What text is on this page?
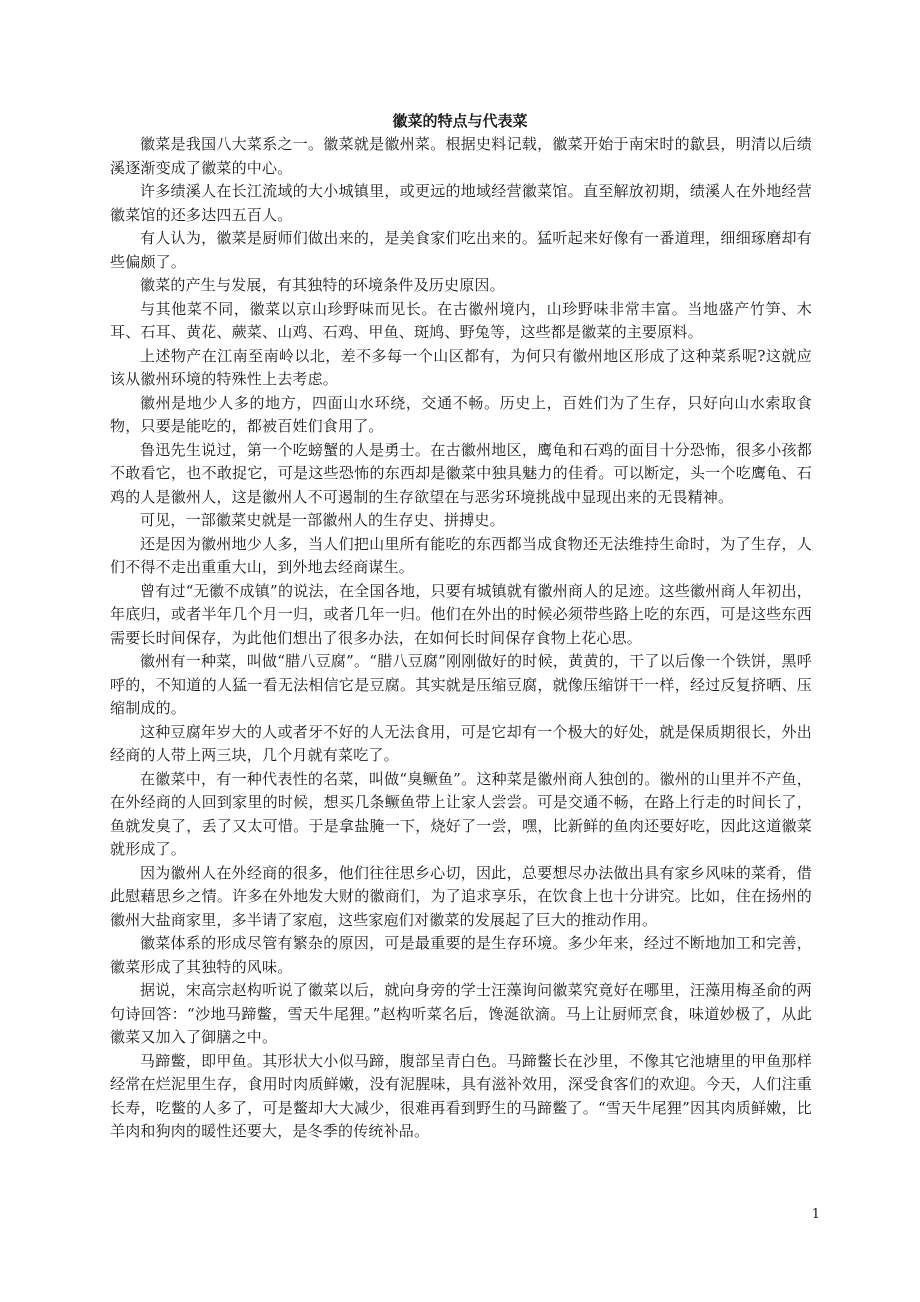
徽菜的特点与代表菜

徽菜是我国八大菜系之一。徽菜就是徽州菜。根据史料记载，徽菜开始于南宋时的歙县，明清以后绩溪逐渐变成了徽菜的中心。

许多绩溪人在长江流域的大小城镇里，或更远的地域经营徽菜馆。直至解放初期，绩溪人在外地经营徽菜馆的还多达四五百人。

有人认为，徽菜是厨师们做出来的，是美食家们吃出来的。猛听起来好像有一番道理，细细琢磨却有些偏颇了。

徽菜的产生与发展，有其独特的环境条件及历史原因。

与其他菜不同，徽菜以京山珍野味而见长。在古徽州境内，山珍野味非常丰富。当地盛产竹笋、木耳、石耳、黄花、蕨菜、山鸡、石鸡、甲鱼、斑鸠、野兔等，这些都是徽菜的主要原料。

上述物产在江南至南岭以北，差不多每一个山区都有，为何只有徽州地区形成了这种菜系呢?这就应该从徽州环境的特殊性上去考虑。

徽州是地少人多的地方，四面山水环绕，交通不畅。历史上，百姓们为了生存，只好向山水索取食物，只要是能吃的，都被百姓们食用了。

鲁迅先生说过，第一个吃螃蟹的人是勇士。在古徽州地区，鹰龟和石鸡的面目十分恐怖，很多小孩都不敢看它，也不敢捉它，可是这些恐怖的东西却是徽菜中独具魅力的佳肴。可以断定，头一个吃鹰龟、石鸡的人是徽州人，这是徽州人不可遏制的生存欲望在与恶劣环境挑战中显现出来的无畏精神。

可见，一部徽菜史就是一部徽州人的生存史、拼搏史。

还是因为徽州地少人多，当人们把山里所有能吃的东西都当成食物还无法维持生命时，为了生存，人们不得不走出重重大山，到外地去经商谋生。

曾有过“无徽不成镇”的说法，在全国各地，只要有城镇就有徽州商人的足迹。这些徽州商人年初出，年底归，或者半年几个月一归，或者几年一归。他们在外出的时候必须带些路上吃的东西，可是这些东西需要长时间保存，为此他们想出了很多办法，在如何长时间保存食物上花心思。

徽州有一种菜，叫做“腊八豆腐”。“腊八豆腐”刚刚做好的时候，黄黄的，干了以后像一个铁饼，黑呼呼的，不知道的人猛一看无法相信它是豆腐。其实就是压缩豆腐，就像压缩饼干一样，经过反复挤晒、压缩制成的。

这种豆腐年岁大的人或者牙不好的人无法食用，可是它却有一个极大的好处，就是保质期很长，外出经商的人带上两三块，几个月就有菜吃了。

在徽菜中，有一种代表性的名菜，叫做“臭鳜鱼”。这种菜是徽州商人独创的。徽州的山里并不产鱼，在外经商的人回到家里的时候，想买几条鳜鱼带上让家人尝尝。可是交通不畅，在路上行走的时间长了，鱼就发臭了，丢了又太可惜。于是拿盐腌一下，烧好了一尝，嘿，比新鲜的鱼肉还要好吃，因此这道徽菜就形成了。

因为徽州人在外经商的很多，他们往往思乡心切，因此，总要想尽办法做出具有家乡风味的菜肴，借此慰藉思乡之情。许多在外地发大财的徽商们，为了追求享乐，在饮食上也十分讲究。比如，住在扬州的徽州大盐商家里，多半请了家庖，这些家庖们对徽菜的发展起了巨大的推动作用。

徽菜体系的形成尽管有繁杂的原因，可是最重要的是生存环境。多少年来，经过不断地加工和完善，徽菜形成了其独特的风味。

据说，宋高宗赵构听说了徽菜以后，就向身旁的学士汪藻询问徽菜究竟好在哪里，汪藻用梅圣俞的两句诗回答：“沙地马蹄鳖，雪天牛尾狸。”赵构听菜名后，馋涎欲滴。马上让厨师烹食，味道妙极了，从此徽菜又加入了御膳之中。

马蹄鳖，即甲鱼。其形状大小似马蹄，腹部呈青白色。马蹄鳖长在沙里，不像其它池塘里的甲鱼那样经常在烂泥里生存，食用时肉质鲜嫩，没有泥腥味，具有滋补效用，深受食客们的欢迎。今天，人们注重长寿，吃鳖的人多了，可是鳖却大大减少，很难再看到野生的马蹄鳖了。“雪天牛尾狸”因其肉质鲜嫩，比羊肉和狗肉的暖性还要大，是冬季的传统补品。

1
